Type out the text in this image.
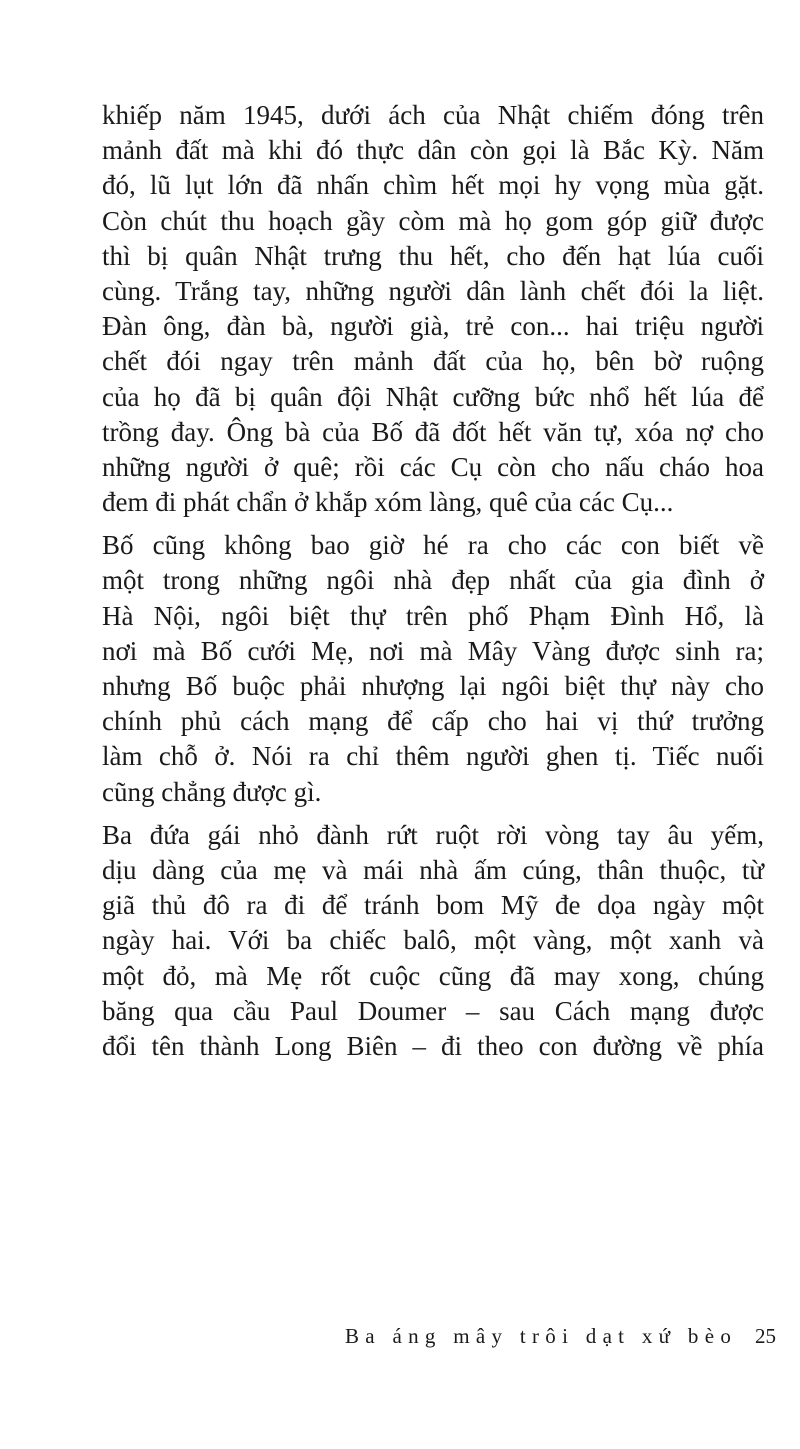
khiếp năm 1945, dưới ách của Nhật chiếm đóng trên
mảnh đất mà khi đó thực dân còn gọi là Bắc Kỳ. Năm
đó, lũ lụt lớn đã nhấn chìm hết mọi hy vọng mùa gặt.
Còn chút thu hoạch gầy còm mà họ gom góp giữ được
thì bị quân Nhật trưng thu hết, cho đến hạt lúa cuối
cùng. Trắng tay, những người dân lành chết đói la liệt.
Đàn ông, đàn bà, người già, trẻ con... hai triệu người
chết đói ngay trên mảnh đất của họ, bên bờ ruộng
của họ đã bị quân đội Nhật cưỡng bức nhổ hết lúa để
trồng đay. Ông bà của Bố đã đốt hết văn tự, xóa nợ cho
những người ở quê; rồi các Cụ còn cho nấu cháo hoa
đem đi phát chẩn ở khắp xóm làng, quê của các Cụ...
Bố cũng không bao giờ hé ra cho các con biết về
một trong những ngôi nhà đẹp nhất của gia đình ở
Hà Nội, ngôi biệt thự trên phố Phạm Đình Hổ, là
nơi mà Bố cưới Mẹ, nơi mà Mây Vàng được sinh ra;
nhưng Bố buộc phải nhượng lại ngôi biệt thự này cho
chính phủ cách mạng để cấp cho hai vị thứ trưởng
làm chỗ ở. Nói ra chỉ thêm người ghen tị. Tiếc nuối
cũng chẳng được gì.
Ba đứa gái nhỏ đành rứt ruột rời vòng tay âu yếm,
dịu dàng của mẹ và mái nhà ấm cúng, thân thuộc, từ
giã thủ đô ra đi để tránh bom Mỹ đe dọa ngày một
ngày hai. Với ba chiếc balô, một vàng, một xanh và
một đỏ, mà Mẹ rốt cuộc cũng đã may xong, chúng
băng qua cầu Paul Doumer – sau Cách mạng được
đổi tên thành Long Biên – đi theo con đường về phía
Ba áng mây trôi dạt xứ bèo 25
